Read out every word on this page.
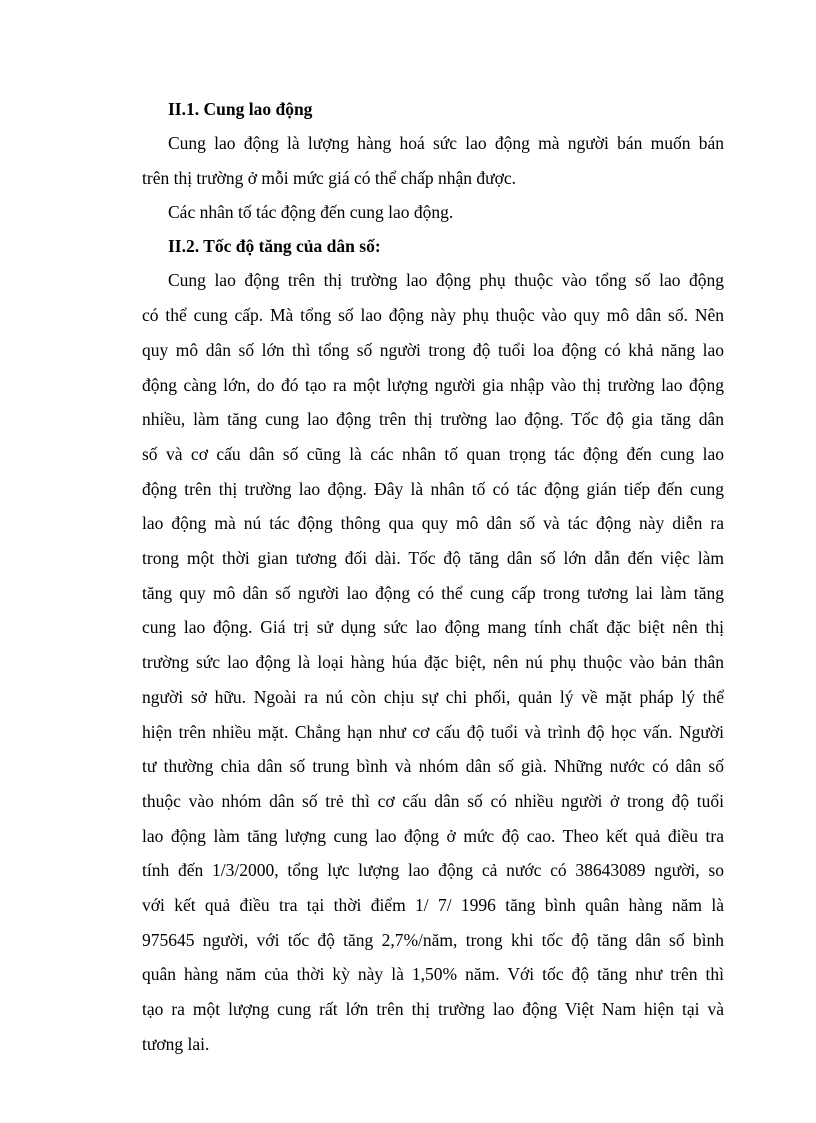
II.1. Cung lao động

Cung lao động là lượng hàng hoá sức lao động mà người bán muốn bán
trên thị trường ở mỗi mức giá có thể chấp nhận được.

Các nhân tố tác động đến cung lao động.

II.2. Tốc độ tăng của dân số:

Cung lao động trên thị trường lao động phụ thuộc vào tổng số lao động
có thể cung cấp. Mà tổng số lao động này phụ thuộc vào quy mô dân số. Nên
quy mô dân số lớn thì tổng số người trong độ tuổi loa động có khả năng lao
động càng lớn, do đó tạo ra một lượng người gia nhập vào thị trường lao động
nhiều, làm tăng cung lao động trên thị trường lao động. Tốc độ gia tăng dân
số và cơ cấu dân số cũng là các nhân tố quan trọng tác động đến cung lao
động trên thị trường lao động. Đây là nhân tố có tác động gián tiếp đến cung
lao động mà nú tác động thông qua quy mô dân số và tác động này diễn ra
trong một thời gian tương đối dài. Tốc độ tăng dân số lớn dẫn đến việc làm
tăng quy mô dân số người lao động có thể cung cấp trong tương lai làm tăng
cung lao động. Giá trị sử dụng sức lao động mang tính chất đặc biệt nên thị
trường sức lao động là loại hàng húa đặc biệt, nên nú phụ thuộc vào bản thân
người sở hữu. Ngoài ra nú còn chịu sự chi phối, quản lý về mặt pháp lý thể
hiện trên nhiều mặt. Chẳng hạn như cơ cấu độ tuổi và trình độ học vấn. Người
tư thường chia dân số trung bình và nhóm dân số già. Những nước có dân số
thuộc vào nhóm dân số trẻ thì cơ cấu dân số có nhiều người ở trong độ tuổi
lao động làm tăng lượng cung lao động ở mức độ cao. Theo kết quả điều tra
tính đến 1/3/2000, tổng lực lượng lao động cả nước có 38643089 người, so
với kết quả điều tra tại thời điểm 1/ 7/ 1996 tăng bình quân hàng năm là
975645 người, với tốc độ tăng 2,7%/năm, trong khi tốc độ tăng dân số bình
quân hàng năm của thời kỳ này là 1,50% năm. Với tốc độ tăng như trên thì
tạo ra một lượng cung rất lớn trên thị trường lao động Việt Nam hiện tại và
tương lai.
